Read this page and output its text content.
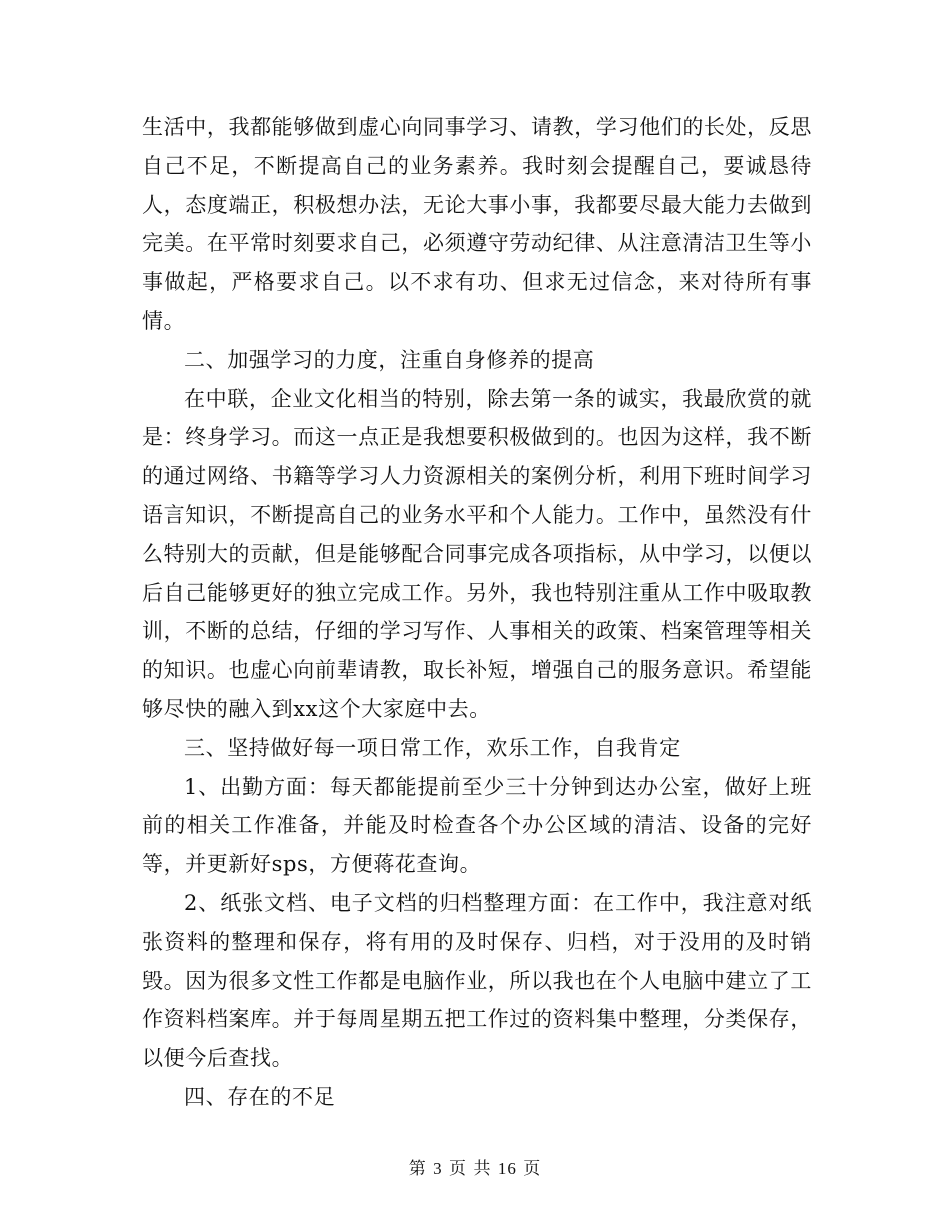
生活中，我都能够做到虚心向同事学习、请教，学习他们的长处，反思自己不足，不断提高自己的业务素养。我时刻会提醒自己，要诚恳待人，态度端正，积极想办法，无论大事小事，我都要尽最大能力去做到完美。在平常时刻要求自己，必须遵守劳动纪律、从注意清洁卫生等小事做起，严格要求自己。以不求有功、但求无过信念，来对待所有事情。

二、加强学习的力度，注重自身修养的提高

在中联，企业文化相当的特别，除去第一条的诚实，我最欣赏的就是：终身学习。而这一点正是我想要积极做到的。也因为这样，我不断的通过网络、书籍等学习人力资源相关的案例分析，利用下班时间学习语言知识，不断提高自己的业务水平和个人能力。工作中，虽然没有什么特别大的贡献，但是能够配合同事完成各项指标，从中学习，以便以后自己能够更好的独立完成工作。另外，我也特别注重从工作中吸取教训，不断的总结，仔细的学习写作、人事相关的政策、档案管理等相关的知识。也虚心向前辈请教，取长补短，增强自己的服务意识。希望能够尽快的融入到xx这个大家庭中去。

三、坚持做好每一项日常工作，欢乐工作，自我肯定

1、出勤方面：每天都能提前至少三十分钟到达办公室，做好上班前的相关工作准备，并能及时检查各个办公区域的清洁、设备的完好等，并更新好sps，方便蒋花查询。

2、纸张文档、电子文档的归档整理方面：在工作中，我注意对纸张资料的整理和保存，将有用的及时保存、归档，对于没用的及时销毁。因为很多文性工作都是电脑作业，所以我也在个人电脑中建立了工作资料档案库。并于每周星期五把工作过的资料集中整理，分类保存，以便今后查找。

四、存在的不足

第 3 页 共 16 页
